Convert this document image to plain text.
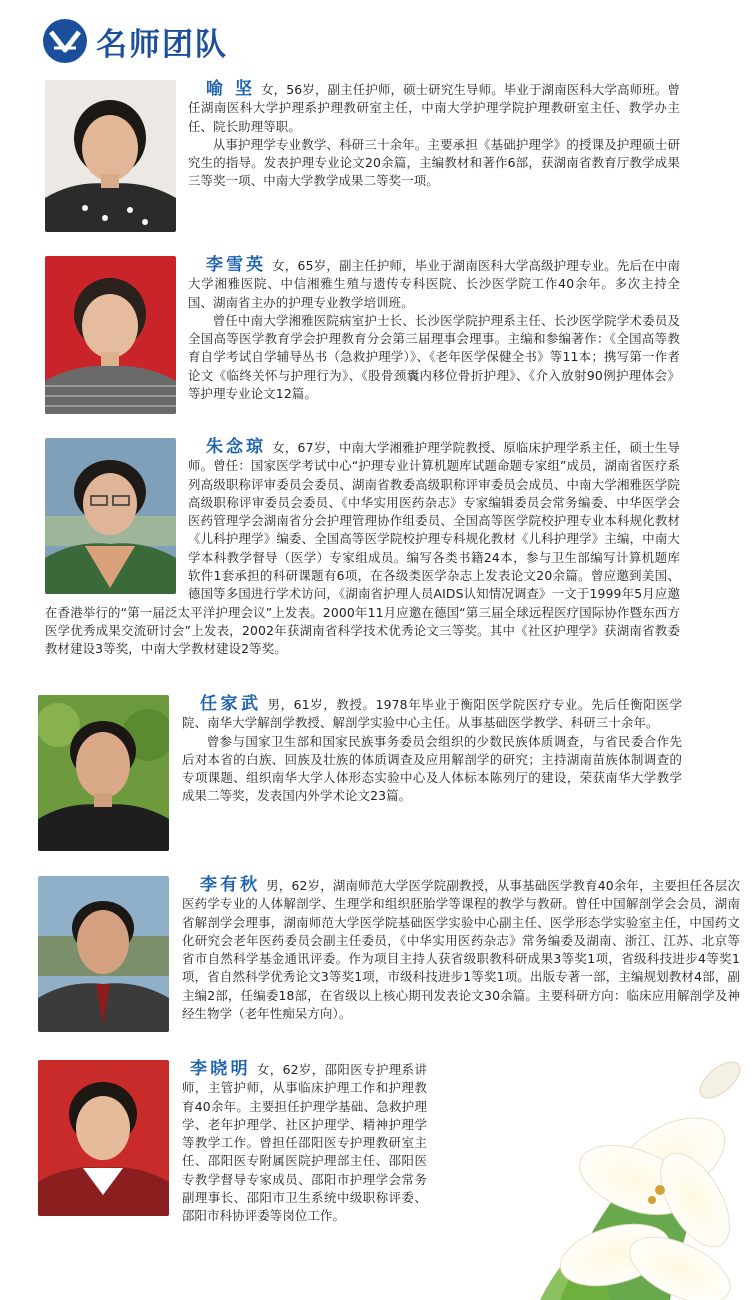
名师团队

喻 坚 女，56岁，副主任护师，硕士研究生导师。毕业于湖南医科大学高师班。曾任湖南医科大学护理系护理教研室主任，中南大学护理学院护理教研室主任、教学办主任、院长助理等职。

从事护理学专业教学、科研三十余年。主要承担《基础护理学》的授课及护理硕士研究生的指导。发表护理专业论文20余篇，主编教材和著作6部，获湖南省教育厅教学成果三等奖一项、中南大学教学成果二等奖一项。

李雪英 女，65岁，副主任护师，毕业于湖南医科大学高级护理专业。先后在中南大学湘雅医院、中信湘雅生殖与遗传专科医院、长沙医学院工作40余年。多次主持全国、湖南省主办的护理专业教学培训班。

曾任中南大学湘雅医院病室护士长、长沙医学院护理系主任、长沙医学院学术委员及全国高等医学教育学会护理教育分会第三届理事会理事。主编和参编著作：《全国高等教育自学考试自学辅导丛书（急救护理学）》、《老年医学保健全书》等11本；携写第一作者论文《临终关怀与护理行为》、《股骨颈囊内移位骨折护理》、《介入放射90例护理体会》等护理专业论文12篇。

朱念琼 女，67岁，中南大学湘雅护理学院教授、原临床护理学系主任，硕士生导师。曾任：国家医学考试中心“护理专业计算机题库试题命题专家组”成员，湖南省医疗系列高级职称评审委员会委员、湖南省教委高级职称评审委员会成员、中南大学湘雅医学院高级职称评审委员会委员、《中华实用医药杂志》专家编辑委员会常务编委、中华医学会医药管理学会湖南省分会护理管理协作组委员、全国高等医学院校护理专业本科规化教材《儿科护理学》编委、全国高等医学院校护理专科规化教材《儿科护理学》主编，中南大学本科教学督导（医学）专家组成员。编写各类书籍24本，参与卫生部编写计算机题库软件1套承担的科研课题有6项，在各级类医学杂志上发表论文20余篇。曾应邀到美国、德国等多国进行学术访问，《湖南省护理人员AIDS认知情况调查》一文于1999年5月应邀在香港举行的“第一届泛太平洋护理会议”上发表。2000年11月应邀在德国“第三届全球远程医疗国际协作暨东西方医学优秀成果交流研讨会”上发表，2002年获湖南省科学技术优秀论文三等奖。其中《社区护理学》获湖南省教委教材建设3等奖，中南大学教材建设2等奖。

任家武 男，61岁，教授。1978年毕业于衡阳医学院医疗专业。先后任衡阳医学院、南华大学解剖学教授、解剖学实验中心主任。从事基础医学教学、科研三十余年。

曾参与国家卫生部和国家民族事务委员会组织的少数民族体质调查，与省民委合作先后对本省的白族、回族及壮族的体质调查及应用解剖学的研究；主持湖南苗族体制调查的专项课题、组织南华大学人体形态实验中心及人体标本陈列厅的建设，荣获南华大学教学成果二等奖，发表国内外学术论文23篇。

李有秋 男，62岁，湖南师范大学医学院副教授，从事基础医学教育40余年，主要担任各层次医药学专业的人体解剖学、生理学和组织胚胎学等课程的教学与教研。曾任中国解剖学会会员，湖南省解剖学会理事，湖南师范大学医学院基础医学实验中心副主任、医学形态学实验室主任，中国药文化研究会老年医药委员会副主任委员，《中华实用医药杂志》常务编委及湖南、浙江、江苏、北京等省市自然科学基金通讯评委。作为项目主持人获省级职教科研成果3等奖1项，省级科技进步4等奖1项，省自然科学优秀论文3等奖1项，市级科技进步1等奖1项。出版专著一部，主编规划教材4部，副主编2部，任编委18部，在省级以上核心期刊发表论文30余篇。主要科研方向：临床应用解剖学及神经生物学（老年性痴呆方向）。

李晓明 女，62岁，邵阳医专护理系讲师，主管护师，从事临床护理工作和护理教育40余年。主要担任护理学基础、急救护理学、老年护理学、社区护理学、精神护理学等教学工作。曾担任邵阳医专护理教研室主任、邵阳医专附属医院护理部主任、邵阳医专教学督导专家成员、邵阳市护理学会常务副理事长、邵阳市卫生系统中级职称评委、邵阳市科协评委等岗位工作。
